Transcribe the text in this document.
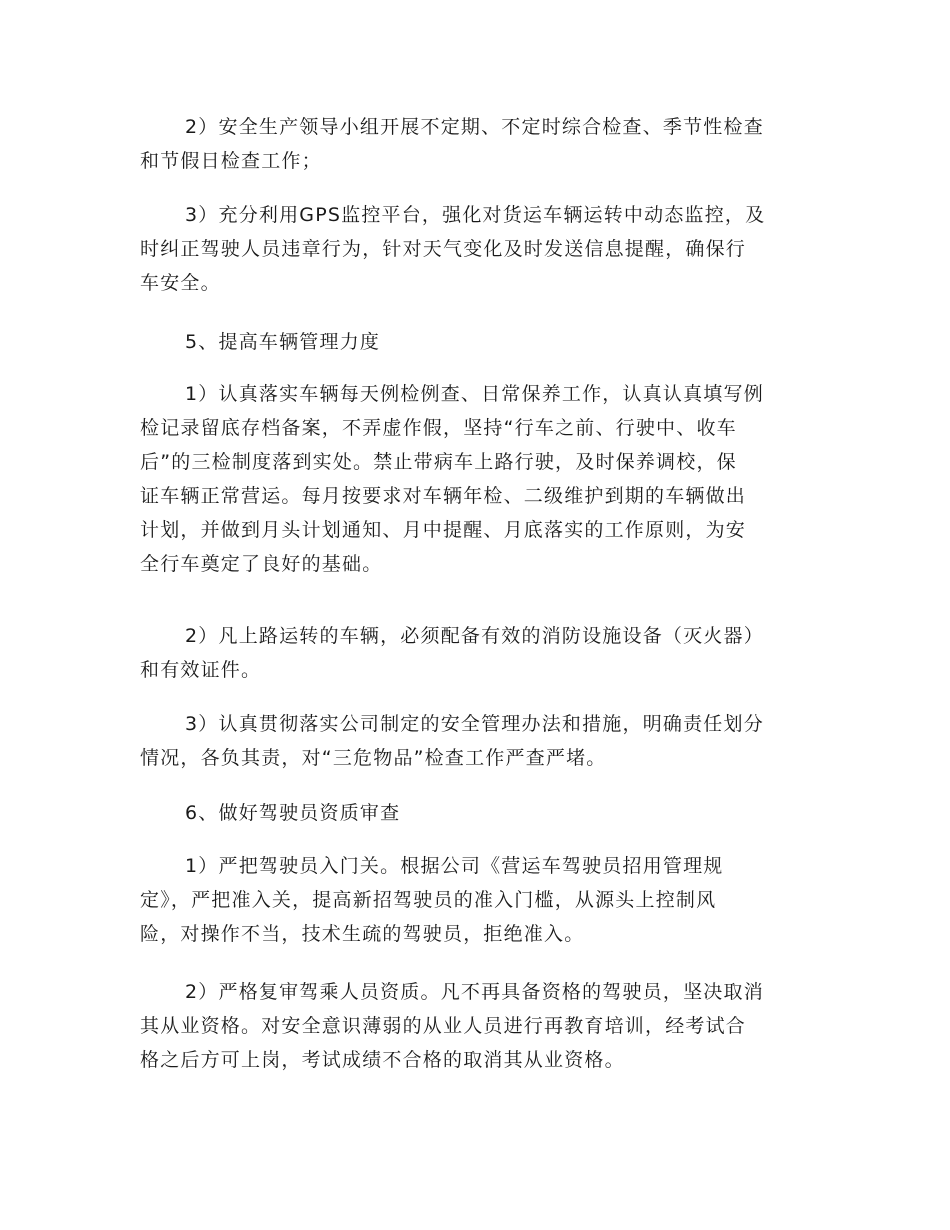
2）安全生产领导小组开展不定期、不定时综合检查、季节性检查
和节假日检查工作；
3）充分利用GPS监控平台，强化对货运车辆运转中动态监控，及
时纠正驾驶人员违章行为，针对天气变化及时发送信息提醒，确保行
车安全。
5、提高车辆管理力度
1）认真落实车辆每天例检例查、日常保养工作，认真认真填写例
检记录留底存档备案，不弄虚作假，坚持“行车之前、行驶中、收车
后”的三检制度落到实处。禁止带病车上路行驶，及时保养调校，保
证车辆正常营运。每月按要求对车辆年检、二级维护到期的车辆做出
计划，并做到月头计划通知、月中提醒、月底落实的工作原则，为安
全行车奠定了良好的基础。
2）凡上路运转的车辆，必须配备有效的消防设施设备（灭火器）
和有效证件。
3）认真贯彻落实公司制定的安全管理办法和措施，明确责任划分
情况，各负其责，对“三危物品”检查工作严查严堵。
6、做好驾驶员资质审查
1）严把驾驶员入门关。根据公司《营运车驾驶员招用管理规
定》，严把准入关，提高新招驾驶员的准入门槛，从源头上控制风
险，对操作不当，技术生疏的驾驶员，拒绝准入。
2）严格复审驾乘人员资质。凡不再具备资格的驾驶员，坚决取消
其从业资格。对安全意识薄弱的从业人员进行再教育培训，经考试合
格之后方可上岗，考试成绩不合格的取消其从业资格。
